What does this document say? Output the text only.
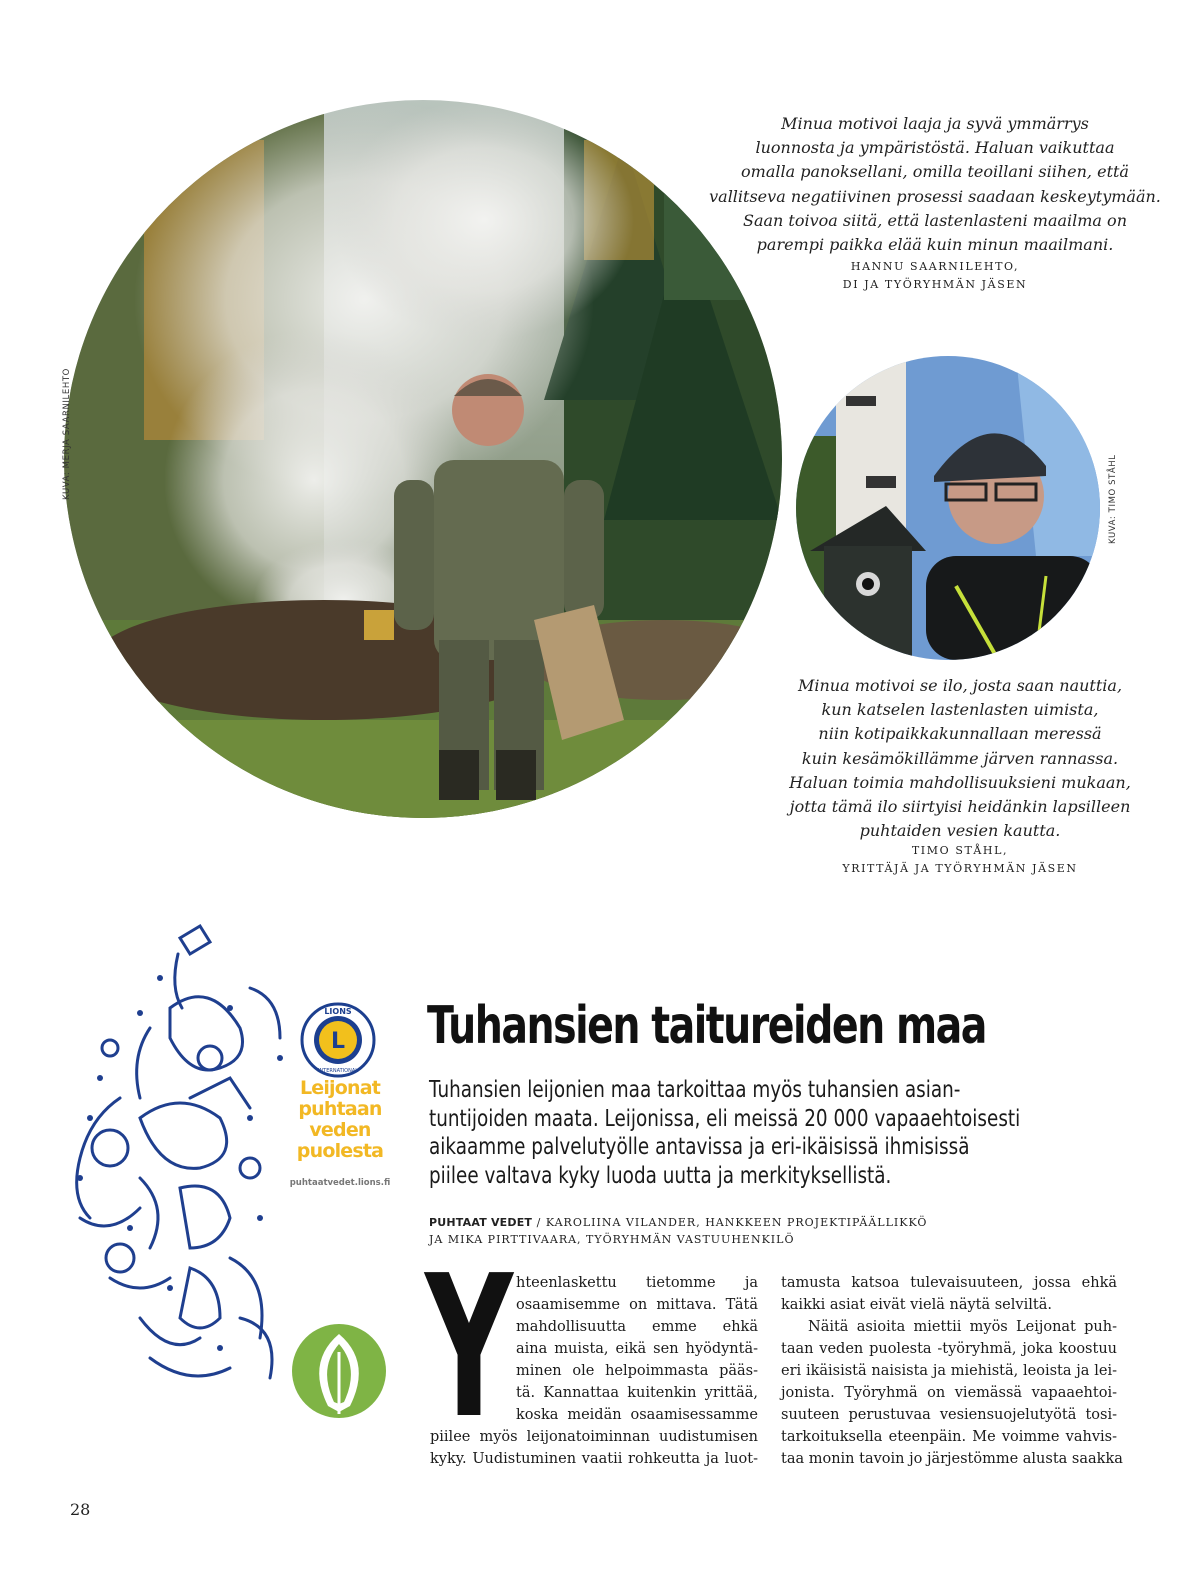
KUVA: MERJA SAARNILEHTO	KUVA: TIMO STÅHL

Minua motivoi laaja ja syvä ymmärrys

luonnosta ja ympäristöstä. Haluan vaikuttaa

omalla panoksellani, omilla teoillani siihen, että

vallitseva negatiivinen prosessi saadaan keskeytymään.

Saan toivoa siitä, että lastenlasteni maailma on

parempi paikka elää kuin minun maailmani.

HANNU SAARNILEHTO,
DI JA TYÖRYHMÄN JÄSEN

Minua motivoi se ilo, josta saan nauttia,

kun katselen lastenlasten uimista,

niin kotipaikkakunnallaan meressä

kuin kesämökillämme järven rannassa.

Haluan toimia mahdollisuuksieni mukaan,

jotta tämä ilo siirtyisi heidänkin lapsilleen

puhtaiden vesien kautta.

TIMO STÅHL,
YRITTÄJÄ JA TYÖRYHMÄN JÄSEN
L
LIONS
INTERNATIONAL
Leijonat
puhtaan
veden
puolesta
puhtaatvedet.lions.fi
Tuhansien taitureiden maa

Tuhansien leijonien maa tarkoittaa myös tuhansien asian-

tuntijoiden maata. Leijonissa, eli meissä 20 000 vapaaehtoisesti

aikaamme palvelutyölle antavissa ja eri-ikäisissä ihmisissä

piilee valtava kyky luoda uutta ja merkityksellistä.

PUHTAAT VEDET / KAROLIINA VILANDER, HANKKEEN PROJEKTIPÄÄLLIKKÖ
JA MIKA PIRTTIVAARA, TYÖRYHMÄN VASTUUHENKILÖ
Y hteenlaskettu tietomme ja
osaamisemme on mittava. Tätä
mahdollisuutta emme ehkä
aina muista, eikä sen hyödyntä-
minen ole helpoimmasta pääs-
tä. Kannattaa kuitenkin yrittää,
koska meidän osaamisessamme
piilee myös leijonatoiminnan uudistumisen
kyky. Uudistuminen vaatii rohkeutta ja luot-
tamusta katsoa tulevaisuuteen, jossa ehkä
kaikki asiat eivät vielä näytä selviltä.
Näitä asioita miettii myös Leijonat puh-
taan veden puolesta -työryhmä, joka koostuu
eri ikäisistä naisista ja miehistä, leoista ja lei-
jonista. Työryhmä on viemässä vapaaehtoi-
suuteen perustuvaa vesiensuojelutyötä tosi-
tarkoituksella eteenpäin. Me voimme vahvis-
taa monin tavoin jo järjestömme alusta saakka
28
